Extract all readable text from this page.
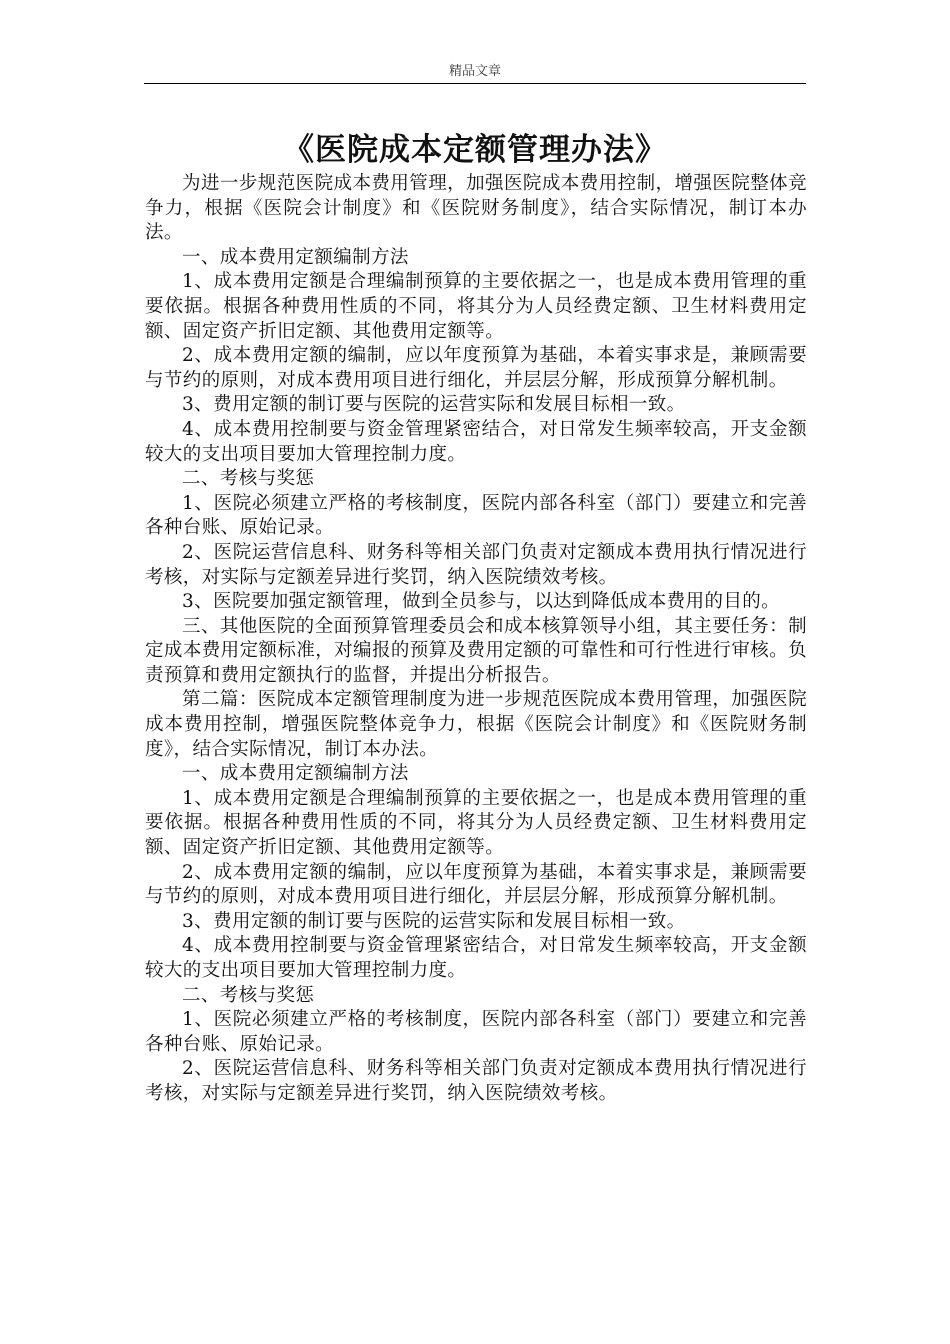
精品文章
《医院成本定额管理办法》

为进一步规范医院成本费用管理，加强医院成本费用控制，增强医院整体竞争力，根据《医院会计制度》和《医院财务制度》，结合实际情况，制订本办法。

一、成本费用定额编制方法

1、成本费用定额是合理编制预算的主要依据之一，也是成本费用管理的重要依据。根据各种费用性质的不同，将其分为人员经费定额、卫生材料费用定额、固定资产折旧定额、其他费用定额等。

2、成本费用定额的编制，应以年度预算为基础，本着实事求是，兼顾需要与节约的原则，对成本费用项目进行细化，并层层分解，形成预算分解机制。

3、费用定额的制订要与医院的运营实际和发展目标相一致。

4、成本费用控制要与资金管理紧密结合，对日常发生频率较高，开支金额较大的支出项目要加大管理控制力度。

二、考核与奖惩

1、医院必须建立严格的考核制度，医院内部各科室（部门）要建立和完善各种台账、原始记录。

2、医院运营信息科、财务科等相关部门负责对定额成本费用执行情况进行考核，对实际与定额差异进行奖罚，纳入医院绩效考核。

3、医院要加强定额管理，做到全员参与，以达到降低成本费用的目的。

三、其他医院的全面预算管理委员会和成本核算领导小组，其主要任务：制定成本费用定额标准，对编报的预算及费用定额的可靠性和可行性进行审核。负责预算和费用定额执行的监督，并提出分析报告。

第二篇：医院成本定额管理制度为进一步规范医院成本费用管理，加强医院成本费用控制，增强医院整体竞争力，根据《医院会计制度》和《医院财务制度》，结合实际情况，制订本办法。

一、成本费用定额编制方法

1、成本费用定额是合理编制预算的主要依据之一，也是成本费用管理的重要依据。根据各种费用性质的不同，将其分为人员经费定额、卫生材料费用定额、固定资产折旧定额、其他费用定额等。

2、成本费用定额的编制，应以年度预算为基础，本着实事求是，兼顾需要与节约的原则，对成本费用项目进行细化，并层层分解，形成预算分解机制。

3、费用定额的制订要与医院的运营实际和发展目标相一致。

4、成本费用控制要与资金管理紧密结合，对日常发生频率较高，开支金额较大的支出项目要加大管理控制力度。

二、考核与奖惩

1、医院必须建立严格的考核制度，医院内部各科室（部门）要建立和完善各种台账、原始记录。

2、医院运营信息科、财务科等相关部门负责对定额成本费用执行情况进行考核，对实际与定额差异进行奖罚，纳入医院绩效考核。
